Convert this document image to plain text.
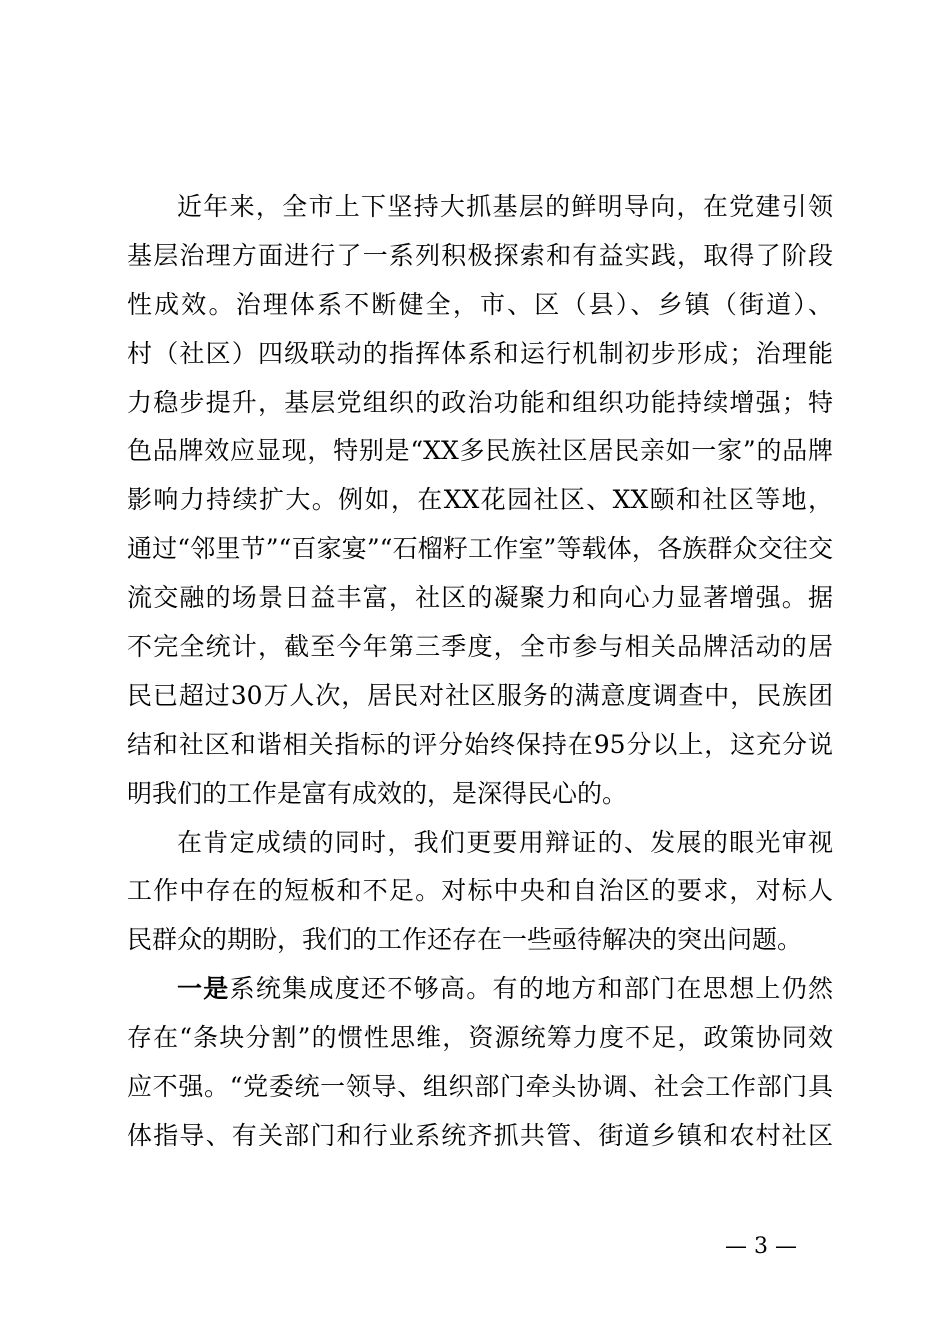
近年来，全市上下坚持大抓基层的鲜明导向，在党建引领
基层治理方面进行了一系列积极探索和有益实践，取得了阶段
性成效。治理体系不断健全，市、区（县）、乡镇（街道）、
村（社区）四级联动的指挥体系和运行机制初步形成；治理能
力稳步提升，基层党组织的政治功能和组织功能持续增强；特
色品牌效应显现，特别是“XX多民族社区居民亲如一家”的品牌
影响力持续扩大。例如，在XX花园社区、XX颐和社区等地，
通过“邻里节”“百家宴”“石榴籽工作室”等载体，各族群众交往交
流交融的场景日益丰富，社区的凝聚力和向心力显著增强。据
不完全统计，截至今年第三季度，全市参与相关品牌活动的居
民已超过30万人次，居民对社区服务的满意度调查中，民族团
结和社区和谐相关指标的评分始终保持在95分以上，这充分说
明我们的工作是富有成效的，是深得民心的。
在肯定成绩的同时，我们更要用辩证的、发展的眼光审视
工作中存在的短板和不足。对标中央和自治区的要求，对标人
民群众的期盼，我们的工作还存在一些亟待解决的突出问题。
一是系统集成度还不够高。有的地方和部门在思想上仍然
存在“条块分割”的惯性思维，资源统筹力度不足，政策协同效
应不强。“党委统一领导、组织部门牵头协调、社会工作部门具
体指导、有关部门和行业系统齐抓共管、街道乡镇和农村社区
— 3 —
